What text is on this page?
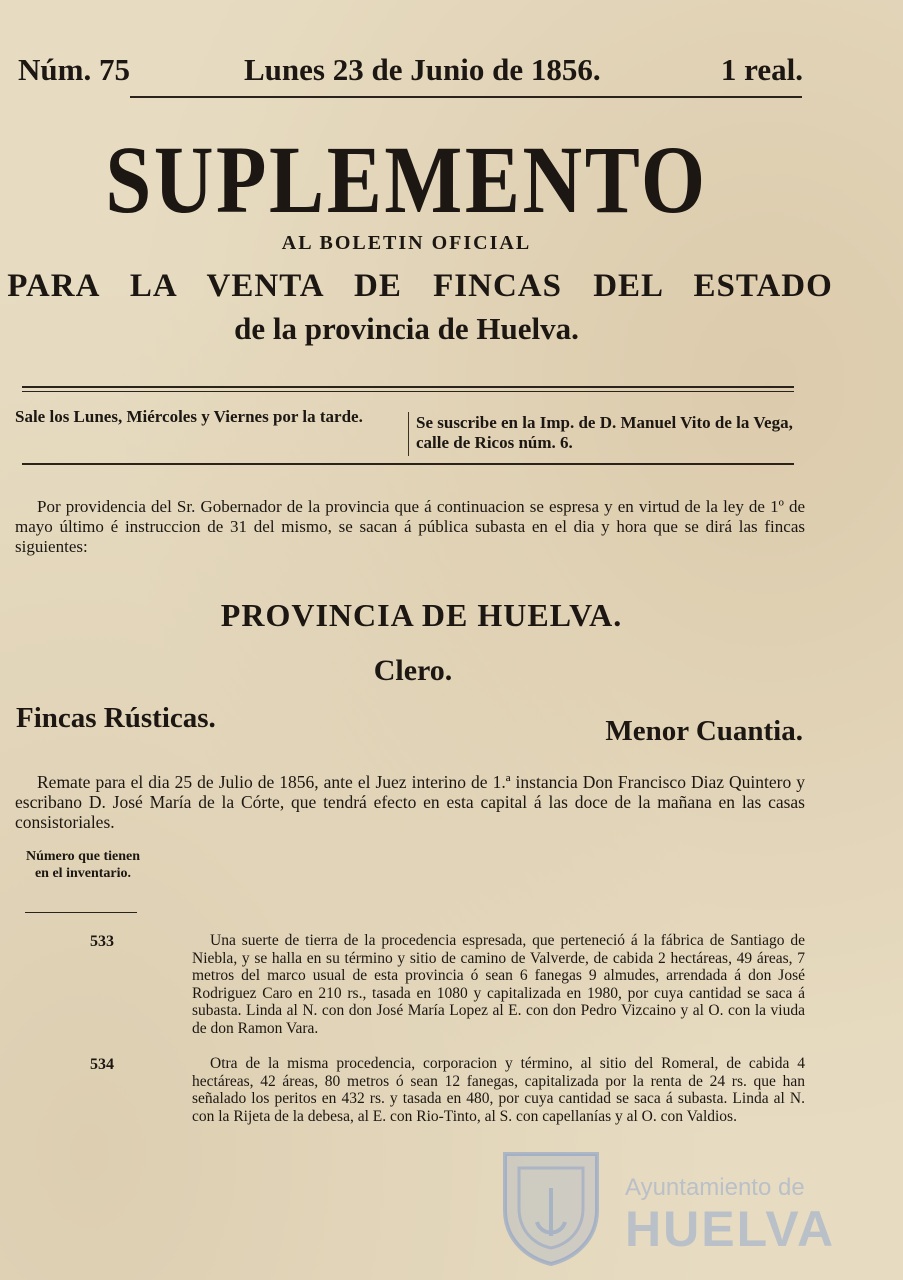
Núm. 75	Lunes 23 de Junio de 1856.	1 real.
SUPLEMENTO
AL BOLETIN OFICIAL
PARA LA VENTA DE FINCAS DEL ESTADO
de la provincia de Huelva.
Sale los Lunes, Miércoles y Viernes por la tarde.	Se suscribe en la Imp. de D. Manuel Vito de la Vega, calle de Ricos núm. 6.
Por providencia del Sr. Gobernador de la provincia que á continuacion se espresa y en virtud de la ley de 1º de mayo último é instruccion de 31 del mismo, se sacan á pública subasta en el dia y hora que se dirá las fincas siguientes:
PROVINCIA DE HUELVA.
Clero.
Fincas Rústicas.	Menor Cuantia.
Remate para el dia 25 de Julio de 1856, ante el Juez interino de 1.ª instancia Don Francisco Diaz Quintero y escribano D. José María de la Córte, que tendrá efecto en esta capital á las doce de la mañana en las casas consistoriales.
Número que tienen en el inventario.
533	Una suerte de tierra de la procedencia espresada, que perteneció á la fábrica de Santiago de Niebla, y se halla en su término y sitio de camino de Valverde, de cabida 2 hectáreas, 49 áreas, 7 metros del marco usual de esta provincia ó sean 6 fanegas 9 almudes, arrendada á don José Rodriguez Caro en 210 rs., tasada en 1080 y capitalizada en 1980, por cuya cantidad se saca á subasta. Linda al N. con don José María Lopez al E. con don Pedro Vizcaino y al O. con la viuda de don Ramon Vara.
534	Otra de la misma procedencia, corporacion y término, al sitio del Romeral, de cabida 4 hectáreas, 42 áreas, 80 metros ó sean 12 fanegas, capitalizada por la renta de 24 rs. que han señalado los peritos en 432 rs. y tasada en 480, por cuya cantidad se saca á subasta. Linda al N. con la Rijeta de la debesa, al E. con Rio-Tinto, al S. con capellanías y al O. con Valdios.
Ayuntamiento de
HUELVA
